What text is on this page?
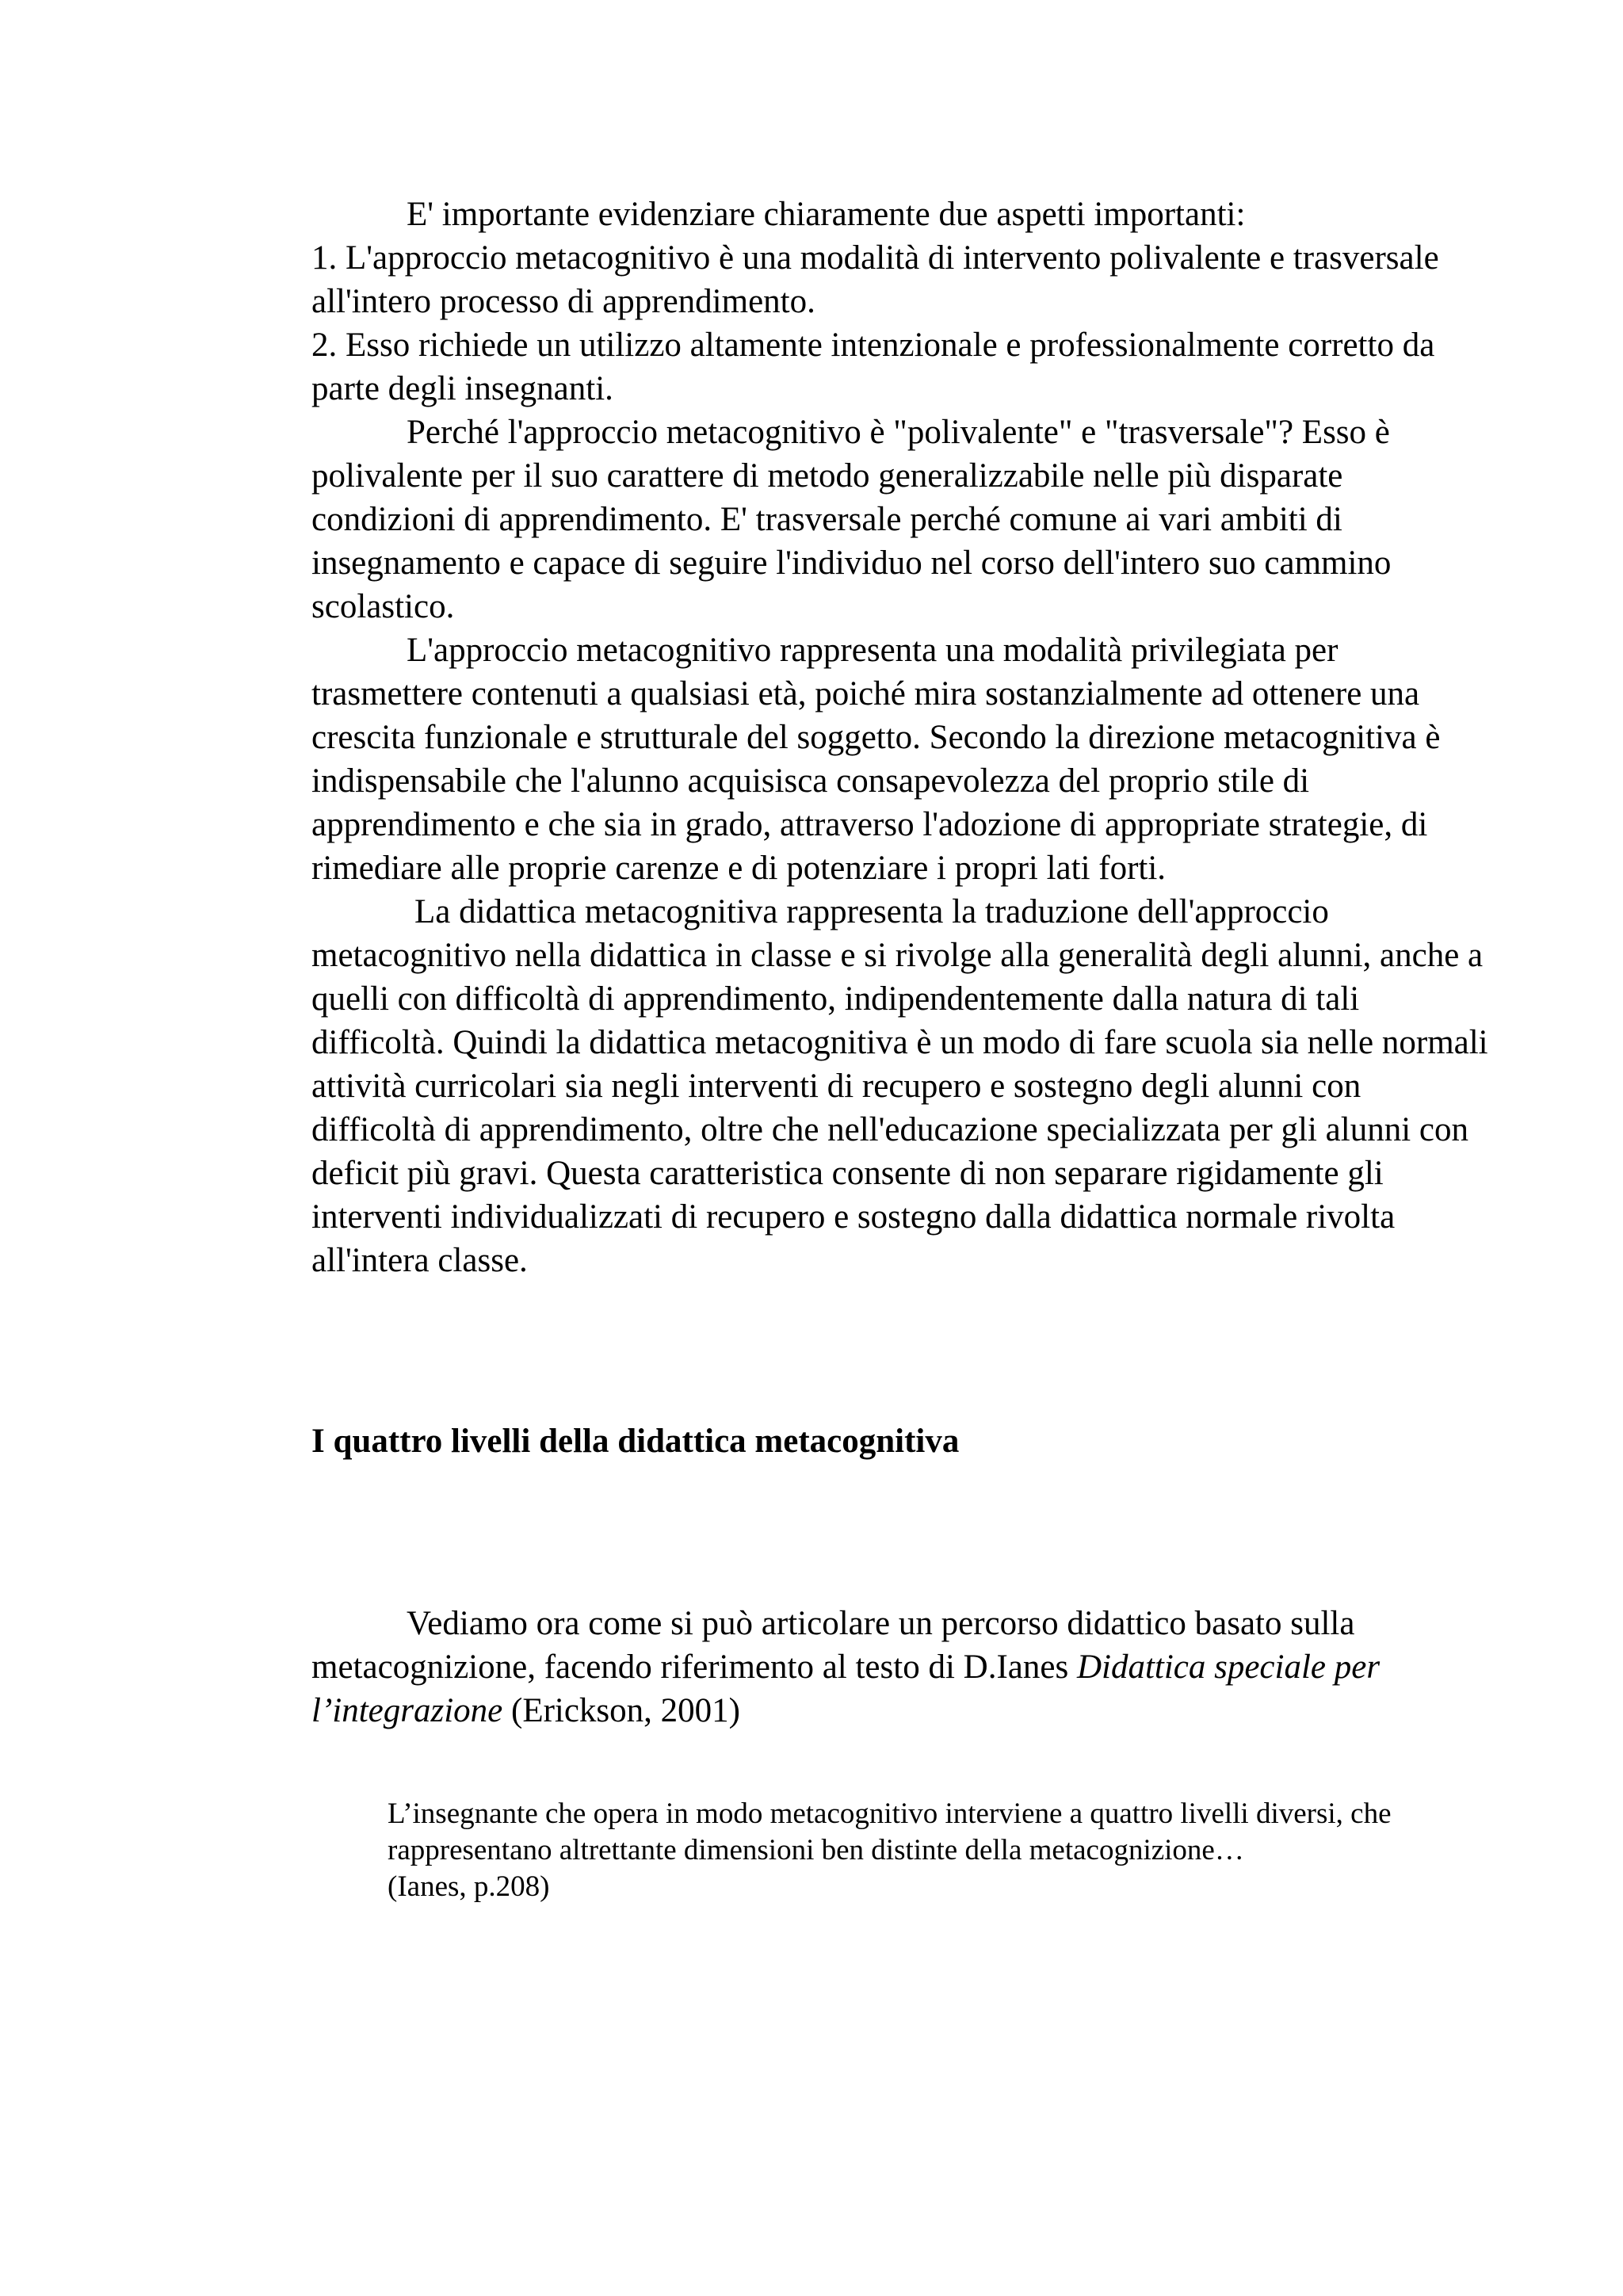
E' importante evidenziare chiaramente due aspetti importanti:

1. L'approccio metacognitivo è una modalità di intervento polivalente e trasversale all'intero processo di apprendimento.

2. Esso richiede un utilizzo altamente intenzionale e professionalmente corretto da parte degli insegnanti.

Perché l'approccio metacognitivo è "polivalente" e "trasversale"? Esso è polivalente per il suo carattere di metodo generalizzabile nelle più disparate condizioni di apprendimento. E' trasversale perché comune ai vari ambiti di insegnamento e capace di seguire l'individuo nel corso dell'intero suo cammino scolastico.

L'approccio metacognitivo rappresenta una modalità privilegiata per trasmettere contenuti a qualsiasi età, poiché mira sostanzialmente ad ottenere una crescita funzionale e strutturale del soggetto. Secondo la direzione metacognitiva è indispensabile che l'alunno acquisisca consapevolezza del proprio stile di apprendimento e che sia in grado, attraverso l'adozione di appropriate strategie, di rimediare alle proprie carenze e di potenziare i propri lati forti.

La didattica metacognitiva rappresenta la traduzione dell'approccio metacognitivo nella didattica in classe e si rivolge alla generalità degli alunni, anche a quelli con difficoltà di apprendimento, indipendentemente dalla natura di tali difficoltà. Quindi la didattica metacognitiva è un modo di fare scuola sia nelle normali attività curricolari sia negli interventi di recupero e sostegno degli alunni con difficoltà di apprendimento, oltre che nell'educazione specializzata per gli alunni con deficit più gravi. Questa caratteristica consente di non separare rigidamente gli interventi individualizzati di recupero e sostegno dalla didattica normale rivolta all'intera classe.

I quattro livelli della didattica metacognitiva

Vediamo ora come si può articolare un percorso didattico basato sulla metacognizione, facendo riferimento al testo di D.Ianes Didattica speciale per l’integrazione (Erickson, 2001)

L’insegnante che opera in modo metacognitivo interviene a quattro livelli diversi, che rappresentano altrettante dimensioni ben distinte della metacognizione…
(Ianes, p.208)
